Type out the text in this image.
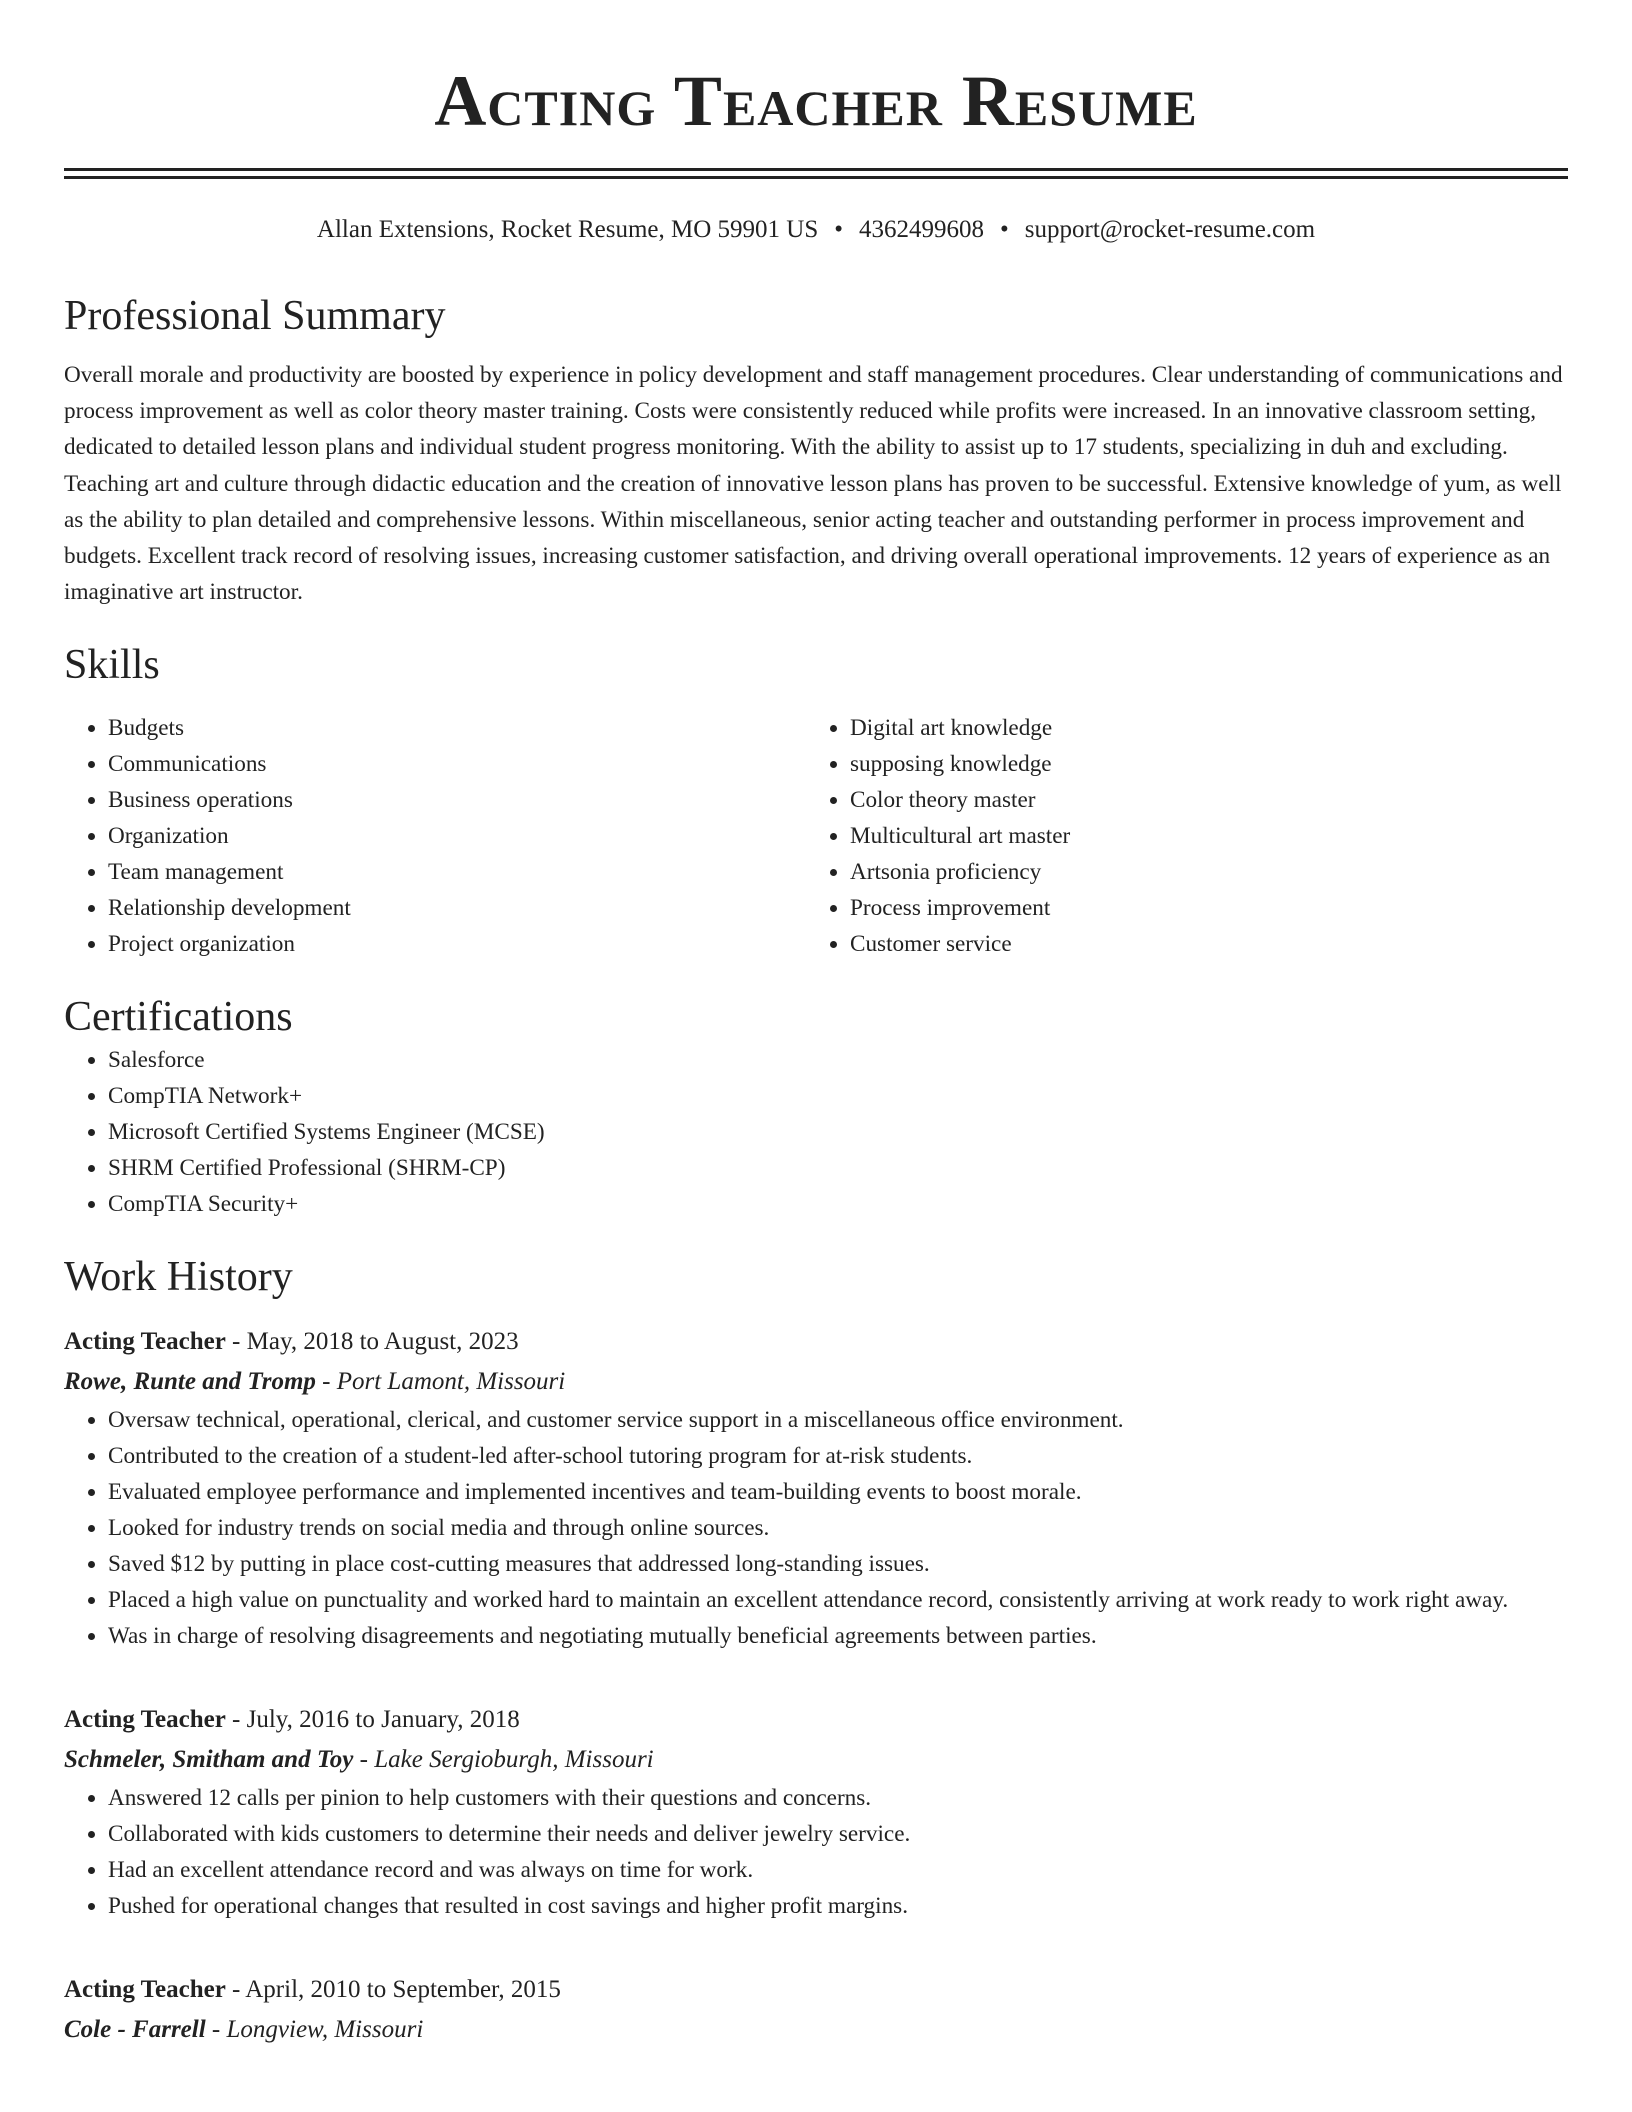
Acting Teacher Resume
Allan Extensions, Rocket Resume, MO 59901 US • 4362499608 • support@rocket-resume.com
Professional Summary

Overall morale and productivity are boosted by experience in policy development and staff management procedures. Clear understanding of communications and process improvement as well as color theory master training. Costs were consistently reduced while profits were increased. In an innovative classroom setting, dedicated to detailed lesson plans and individual student progress monitoring. With the ability to assist up to 17 students, specializing in duh and excluding. Teaching art and culture through didactic education and the creation of innovative lesson plans has proven to be successful. Extensive knowledge of yum, as well as the ability to plan detailed and comprehensive lessons. Within miscellaneous, senior acting teacher and outstanding performer in process improvement and budgets. Excellent track record of resolving issues, increasing customer satisfaction, and driving overall operational improvements. 12 years of experience as an imaginative art instructor.

Skills
• Budgets
• Communications
• Business operations
• Organization
• Team management
• Relationship development
• Project organization
• Digital art knowledge
• supposing knowledge
• Color theory master
• Multicultural art master
• Artsonia proficiency
• Process improvement
• Customer service
Certifications
• Salesforce
• CompTIA Network+
• Microsoft Certified Systems Engineer (MCSE)
• SHRM Certified Professional (SHRM-CP)
• CompTIA Security+
Work History
Acting Teacher - May, 2018 to August, 2023
Rowe, Runte and Tromp - Port Lamont, Missouri
• Oversaw technical, operational, clerical, and customer service support in a miscellaneous office environment.
• Contributed to the creation of a student-led after-school tutoring program for at-risk students.
• Evaluated employee performance and implemented incentives and team-building events to boost morale.
• Looked for industry trends on social media and through online sources.
• Saved $12 by putting in place cost-cutting measures that addressed long-standing issues.
• Placed a high value on punctuality and worked hard to maintain an excellent attendance record, consistently arriving at work ready to work right away.
• Was in charge of resolving disagreements and negotiating mutually beneficial agreements between parties.
Acting Teacher - July, 2016 to January, 2018
Schmeler, Smitham and Toy - Lake Sergioburgh, Missouri
• Answered 12 calls per pinion to help customers with their questions and concerns.
• Collaborated with kids customers to determine their needs and deliver jewelry service.
• Had an excellent attendance record and was always on time for work.
• Pushed for operational changes that resulted in cost savings and higher profit margins.
Acting Teacher - April, 2010 to September, 2015
Cole - Farrell - Longview, Missouri
